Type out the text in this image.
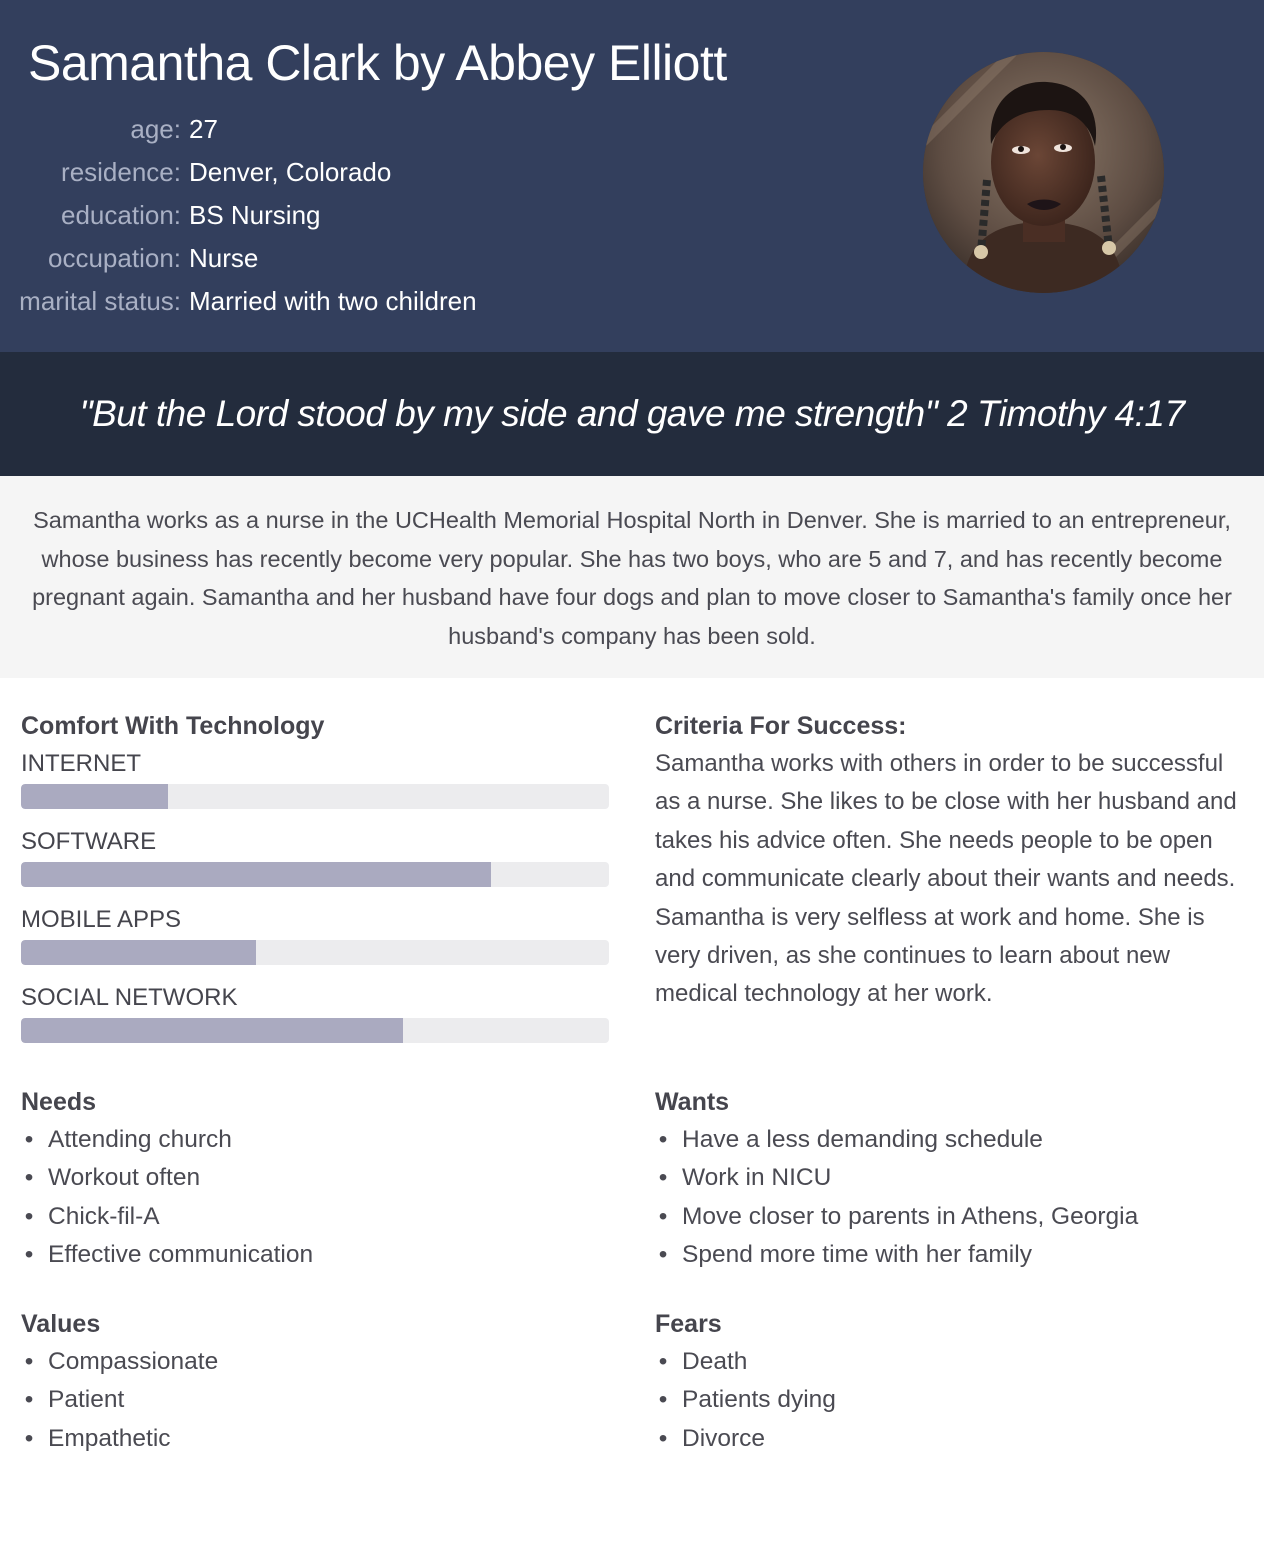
Samantha Clark by Abbey Elliott
age: 27
residence: Denver, Colorado
education: BS Nursing
occupation: Nurse
marital status: Married with two children

"But the Lord stood by my side and gave me strength" 2 Timothy 4:17

Samantha works as a nurse in the UCHealth Memorial Hospital North in Denver. She is married to an entrepreneur, whose business has recently become very popular. She has two boys, who are 5 and 7, and has recently become pregnant again. Samantha and her husband have four dogs and plan to move closer to Samantha's family once her husband's company has been sold.

Comfort With Technology
INTERNET
SOFTWARE
MOBILE APPS
SOCIAL NETWORK
Criteria For Success:

Samantha works with others in order to be successful as a nurse. She likes to be close with her husband and takes his advice often. She needs people to be open and communicate clearly about their wants and needs. Samantha is very selfless at work and home. She is very driven, as she continues to learn about new medical technology at her work.

Needs
• Attending church
• Workout often
• Chick-fil-A
• Effective communication
Wants
• Have a less demanding schedule
• Work in NICU
• Move closer to parents in Athens, Georgia
• Spend more time with her family
Values
• Compassionate
• Patient
• Empathetic
Fears
• Death
• Patients dying
• Divorce
